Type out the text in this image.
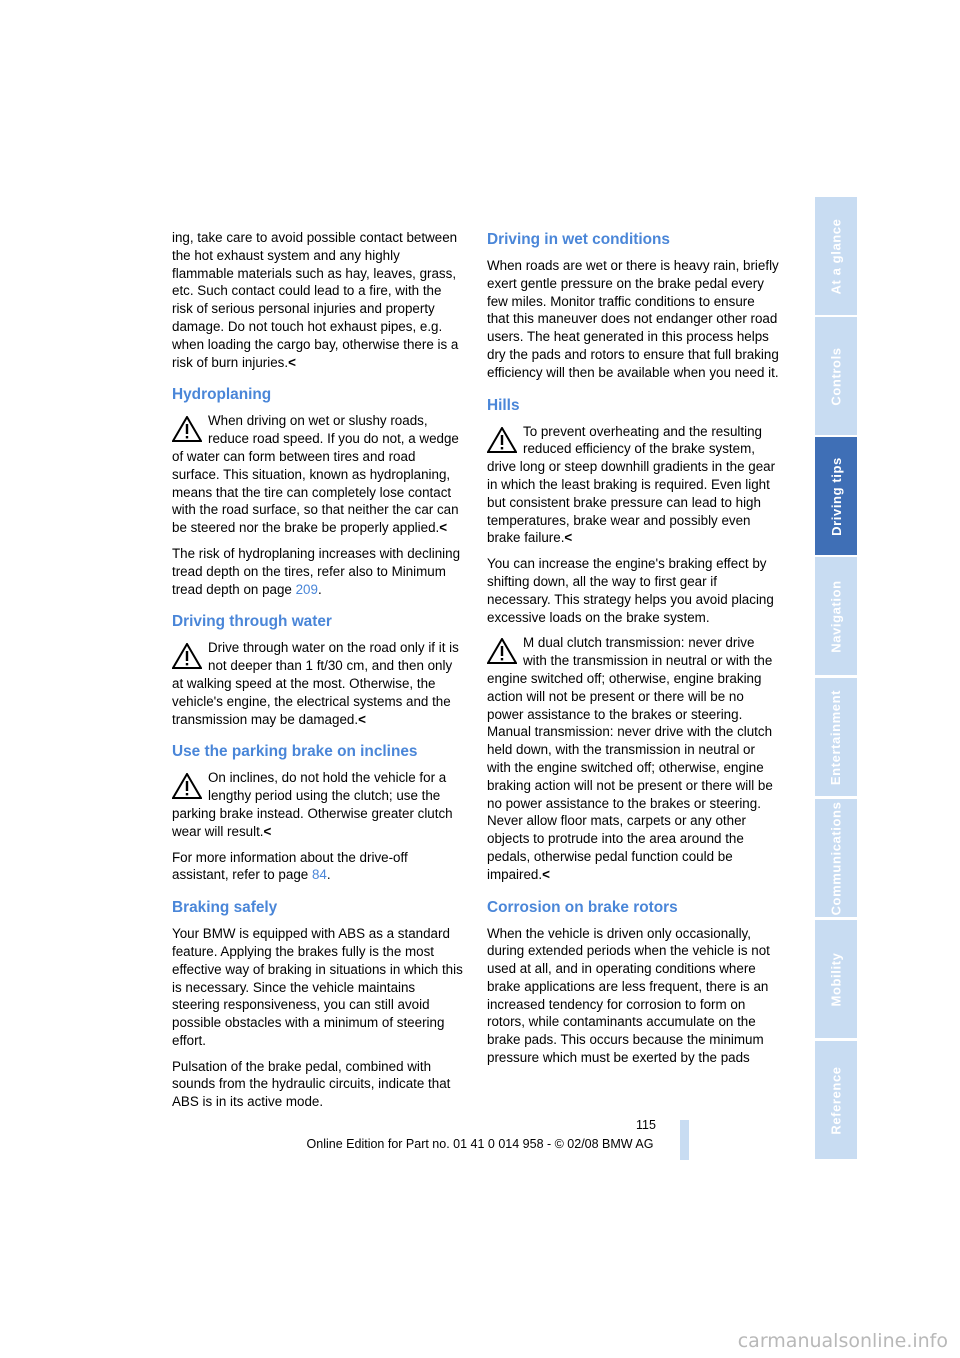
ing, take care to avoid possible contact between the hot exhaust system and any highly flammable materials such as hay, leaves, grass, etc. Such contact could lead to a fire, with the risk of serious personal injuries and property damage. Do not touch hot exhaust pipes, e.g. when loading the cargo bay, otherwise there is a risk of burn injuries.<

Hydroplaning
When driving on wet or slushy roads, reduce road speed. If you do not, a wedge of water can form between tires and road surface. This situation, known as hydroplaning, means that the tire can completely lose contact with the road surface, so that neither the car can be steered nor the brake be properly applied.<

The risk of hydroplaning increases with declining tread depth on the tires, refer also to Minimum tread depth on page 209.

Driving through water
Drive through water on the road only if it is not deeper than 1 ft/30 cm, and then only at walking speed at the most. Otherwise, the vehicle's engine, the electrical systems and the transmission may be damaged.<
Use the parking brake on inclines
On inclines, do not hold the vehicle for a lengthy period using the clutch; use the parking brake instead. Otherwise greater clutch wear will result.<

For more information about the drive-off assistant, refer to page 84.

Braking safely

Your BMW is equipped with ABS as a standard feature. Applying the brakes fully is the most effective way of braking in situations in which this is necessary. Since the vehicle maintains steering responsiveness, you can still avoid possible obstacles with a minimum of steering effort.

Pulsation of the brake pedal, combined with sounds from the hydraulic circuits, indicate that ABS is in its active mode.

Driving in wet conditions

When roads are wet or there is heavy rain, briefly exert gentle pressure on the brake pedal every few miles. Monitor traffic conditions to ensure that this maneuver does not endanger other road users. The heat generated in this process helps dry the pads and rotors to ensure that full braking efficiency will then be available when you need it.

Hills
To prevent overheating and the resulting reduced efficiency of the brake system, drive long or steep downhill gradients in the gear in which the least braking is required. Even light but consistent brake pressure can lead to high temperatures, brake wear and possibly even brake failure.<

You can increase the engine's braking effect by shifting down, all the way to first gear if necessary. This strategy helps you avoid placing excessive loads on the brake system.

M dual clutch transmission: never drive with the transmission in neutral or with the engine switched off; otherwise, engine braking action will not be present or there will be no power assistance to the brakes or steering.
Manual transmission: never drive with the clutch held down, with the transmission in neutral or with the engine switched off; otherwise, engine braking action will not be present or there will be no power assistance to the brakes or steering.
Never allow floor mats, carpets or any other objects to protrude into the area around the pedals, otherwise pedal function could be impaired.<
Corrosion on brake rotors

When the vehicle is driven only occasionally, during extended periods when the vehicle is not used at all, and in operating conditions where brake applications are less frequent, there is an increased tendency for corrosion to form on rotors, while contaminants accumulate on the brake pads. This occurs because the minimum pressure which must be exerted by the pads

At a glance
Controls
Driving tips
Navigation
Entertainment
Communications
Mobility
Reference
115
Online Edition for Part no. 01 41 0 014 958 - © 02/08 BMW AG
carmanualsonline.info
